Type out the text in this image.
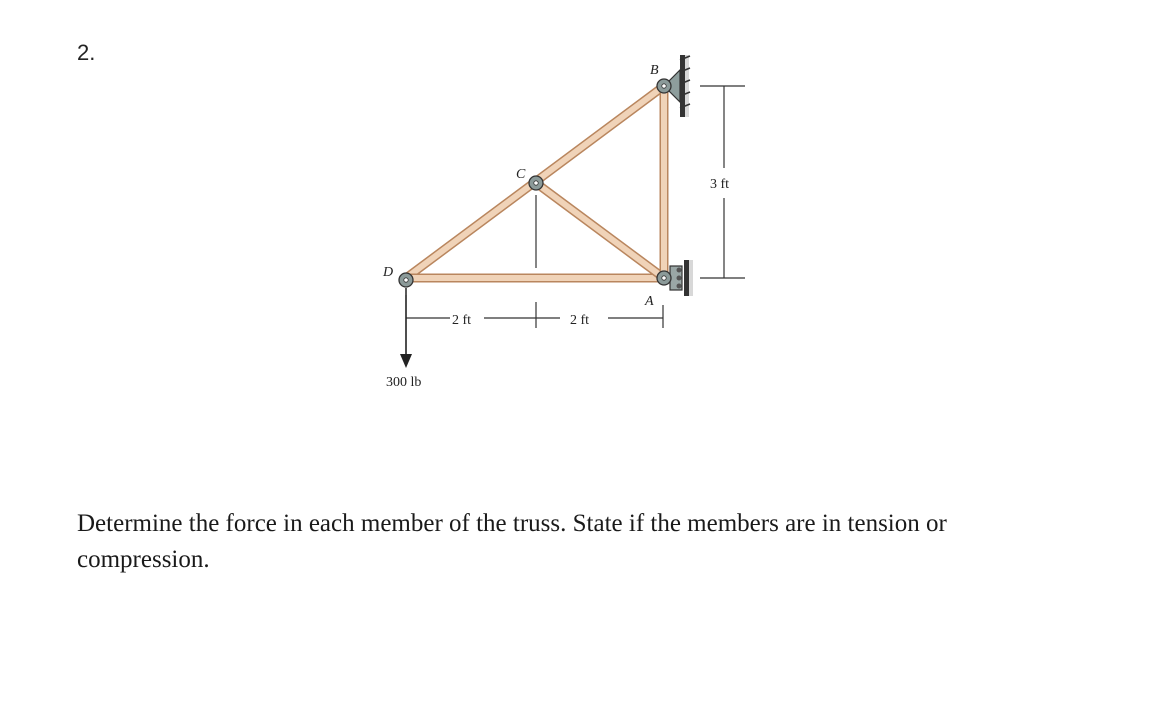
2.
D
C
B
A
2 ft	2 ft
3 ft
300 lb
Determine the force in each member of the truss. State if the members are in tension or compression.
